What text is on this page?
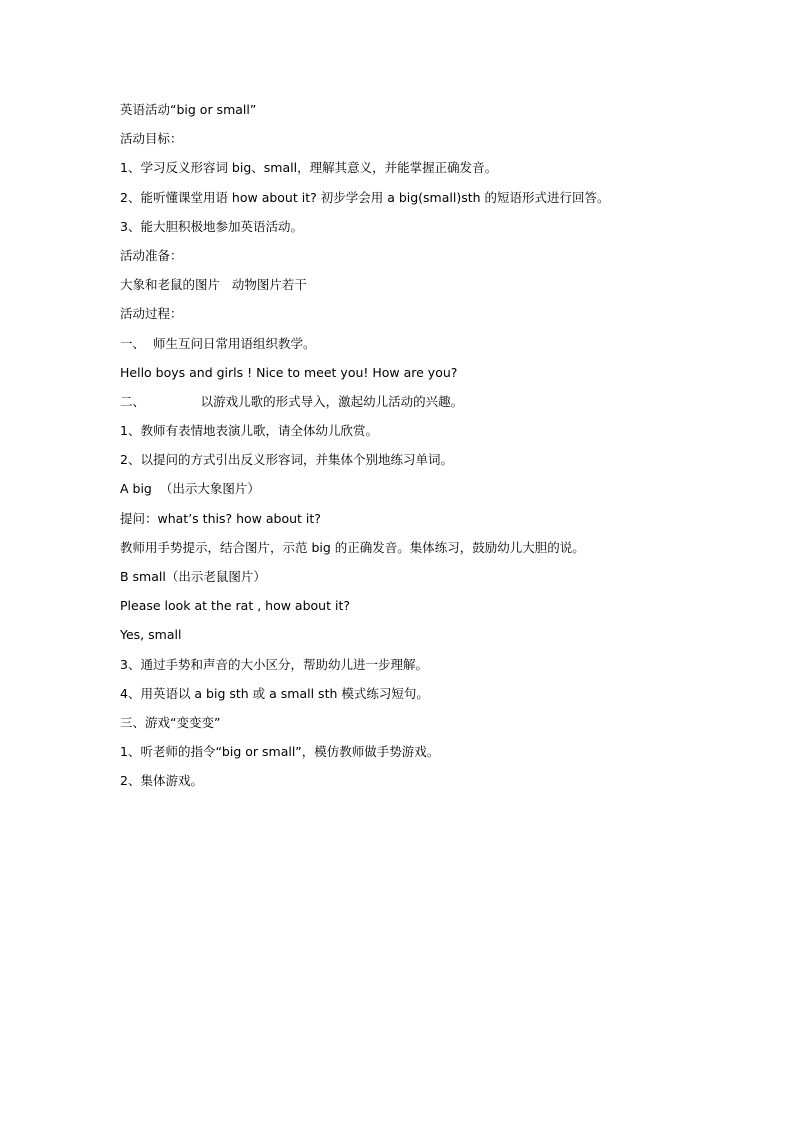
英语活动“big or small”
活动目标：
1、学习反义形容词 big、small，理解其意义，并能掌握正确发音。
2、能听懂课堂用语 how about it? 初步学会用 a big(small)sth 的短语形式进行回答。
3、能大胆积极地参加英语活动。
活动准备：
大象和老鼠的图片   动物图片若干
活动过程：
一、  师生互问日常用语组织教学。
Hello boys and girls ! Nice to meet you! How are you?
二、              以游戏儿歌的形式导入，激起幼儿活动的兴趣。
1、教师有表情地表演儿歌，请全体幼儿欣赏。
2、以提问的方式引出反义形容词，并集体个别地练习单词。
A big  （出示大象图片）
提问：what’s this? how about it?
教师用手势提示，结合图片，示范 big 的正确发音。集体练习，鼓励幼儿大胆的说。
B small（出示老鼠图片）
Please look at the rat , how about it?
Yes, small
3、通过手势和声音的大小区分，帮助幼儿进一步理解。
4、用英语以 a big sth 或 a small sth 模式练习短句。
三、游戏“变变变”
1、听老师的指令“big or small”，模仿教师做手势游戏。
2、集体游戏。
